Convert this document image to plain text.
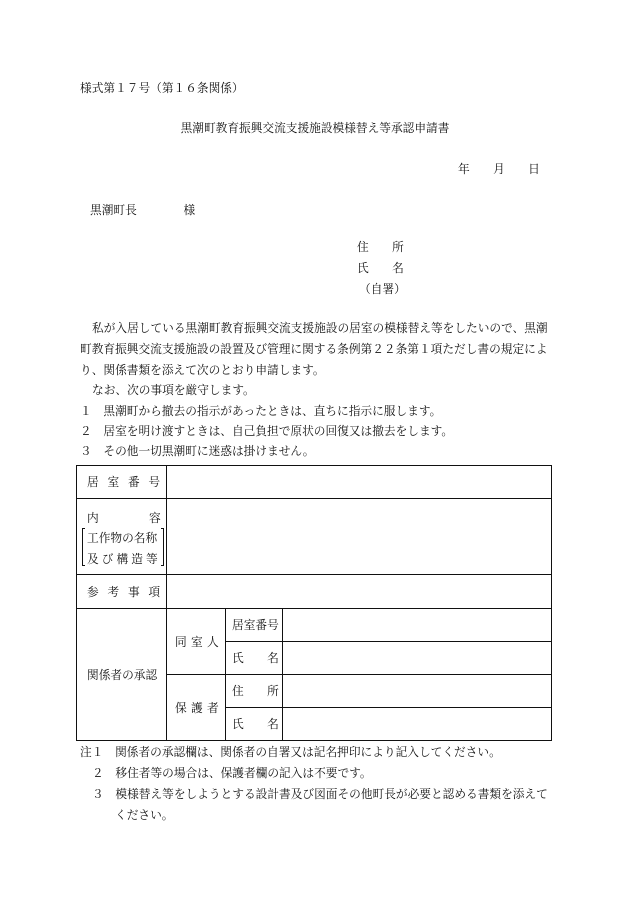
様式第１７号（第１６条関係）
黒潮町教育振興交流支援施設模様替え等承認申請書
年　　月　　日
黒潮町長　　　　様
住　　所
氏　　名
（自署）
私が入居している黒潮町教育振興交流支援施設の居室の模様替え等をしたいので、黒潮
町教育振興交流支援施設の設置及び管理に関する条例第２２条第１項ただし書の規定によ
り、関係書類を添えて次のとおり申請します。
なお、次の事項を厳守します。
１　黒潮町から撤去の指示があったときは、直ちに指示に服します。
２　居室を明け渡すときは、自己負担で原状の回復又は撤去をします。
３　その他一切黒潮町に迷惑は掛けません。
居　室　番　号			

内　　　　容
工作物の名称
及び構造等			

参　考　事　項			
関係者の承認	同　室　人	居室番号	
		氏　　名	
	保　護　者	住　　所	
		氏　　名	
注１　関係者の承認欄は、関係者の自署又は記名押印により記入してください。
２　移住者等の場合は、保護者欄の記入は不要です。
３　模様替え等をしようとする設計書及び図面その他町長が必要と認める書類を添えて
ください。
